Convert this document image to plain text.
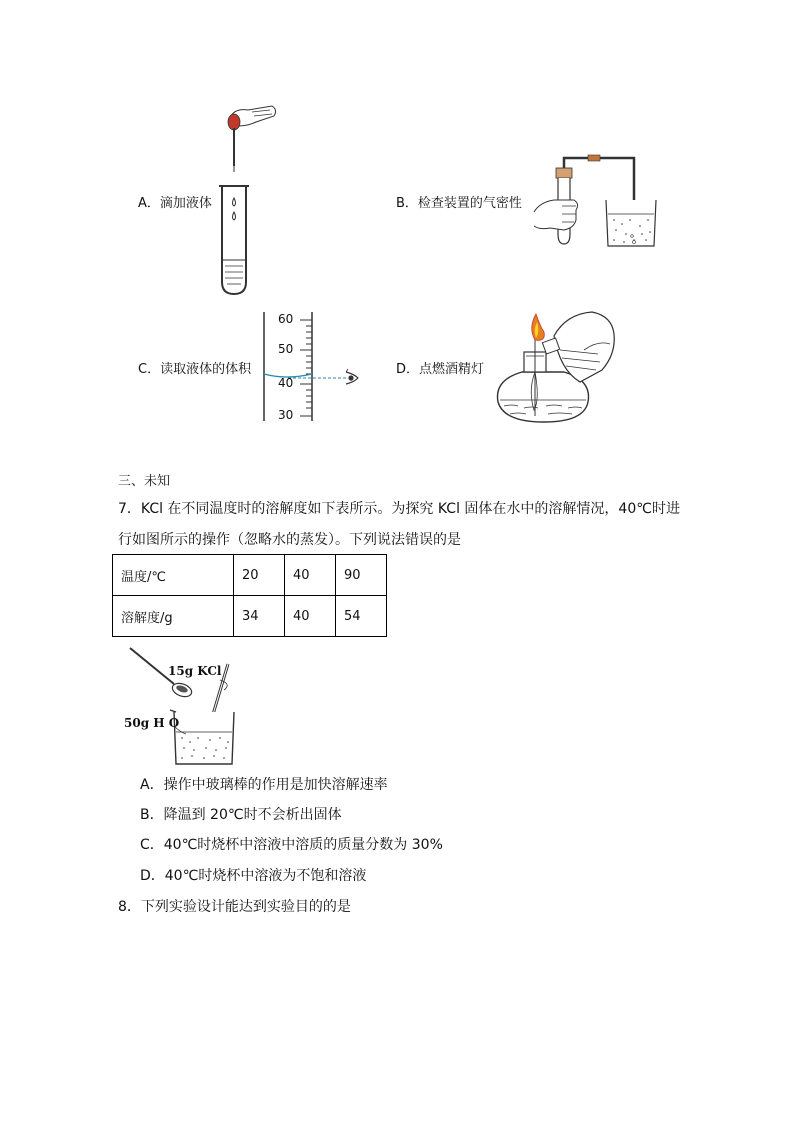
A．滴加液体	B．检查装置的气密性
C．读取液体的体积
60
50
40
30
D．点燃酒精灯
三、未知
7．KCl 在不同温度时的溶解度如下表所示。为探究 KCl 固体在水中的溶解情况，40℃时进
行如图所示的操作（忽略水的蒸发）。下列说法错误的是
温度/℃	20	40	90
溶解度/g	34	40	54
15g KCl
50g H O
A．操作中玻璃棒的作用是加快溶解速率
B．降温到 20℃时不会析出固体
C．40℃时烧杯中溶液中溶质的质量分数为 30%
D．40℃时烧杯中溶液为不饱和溶液
8．下列实验设计能达到实验目的的是
